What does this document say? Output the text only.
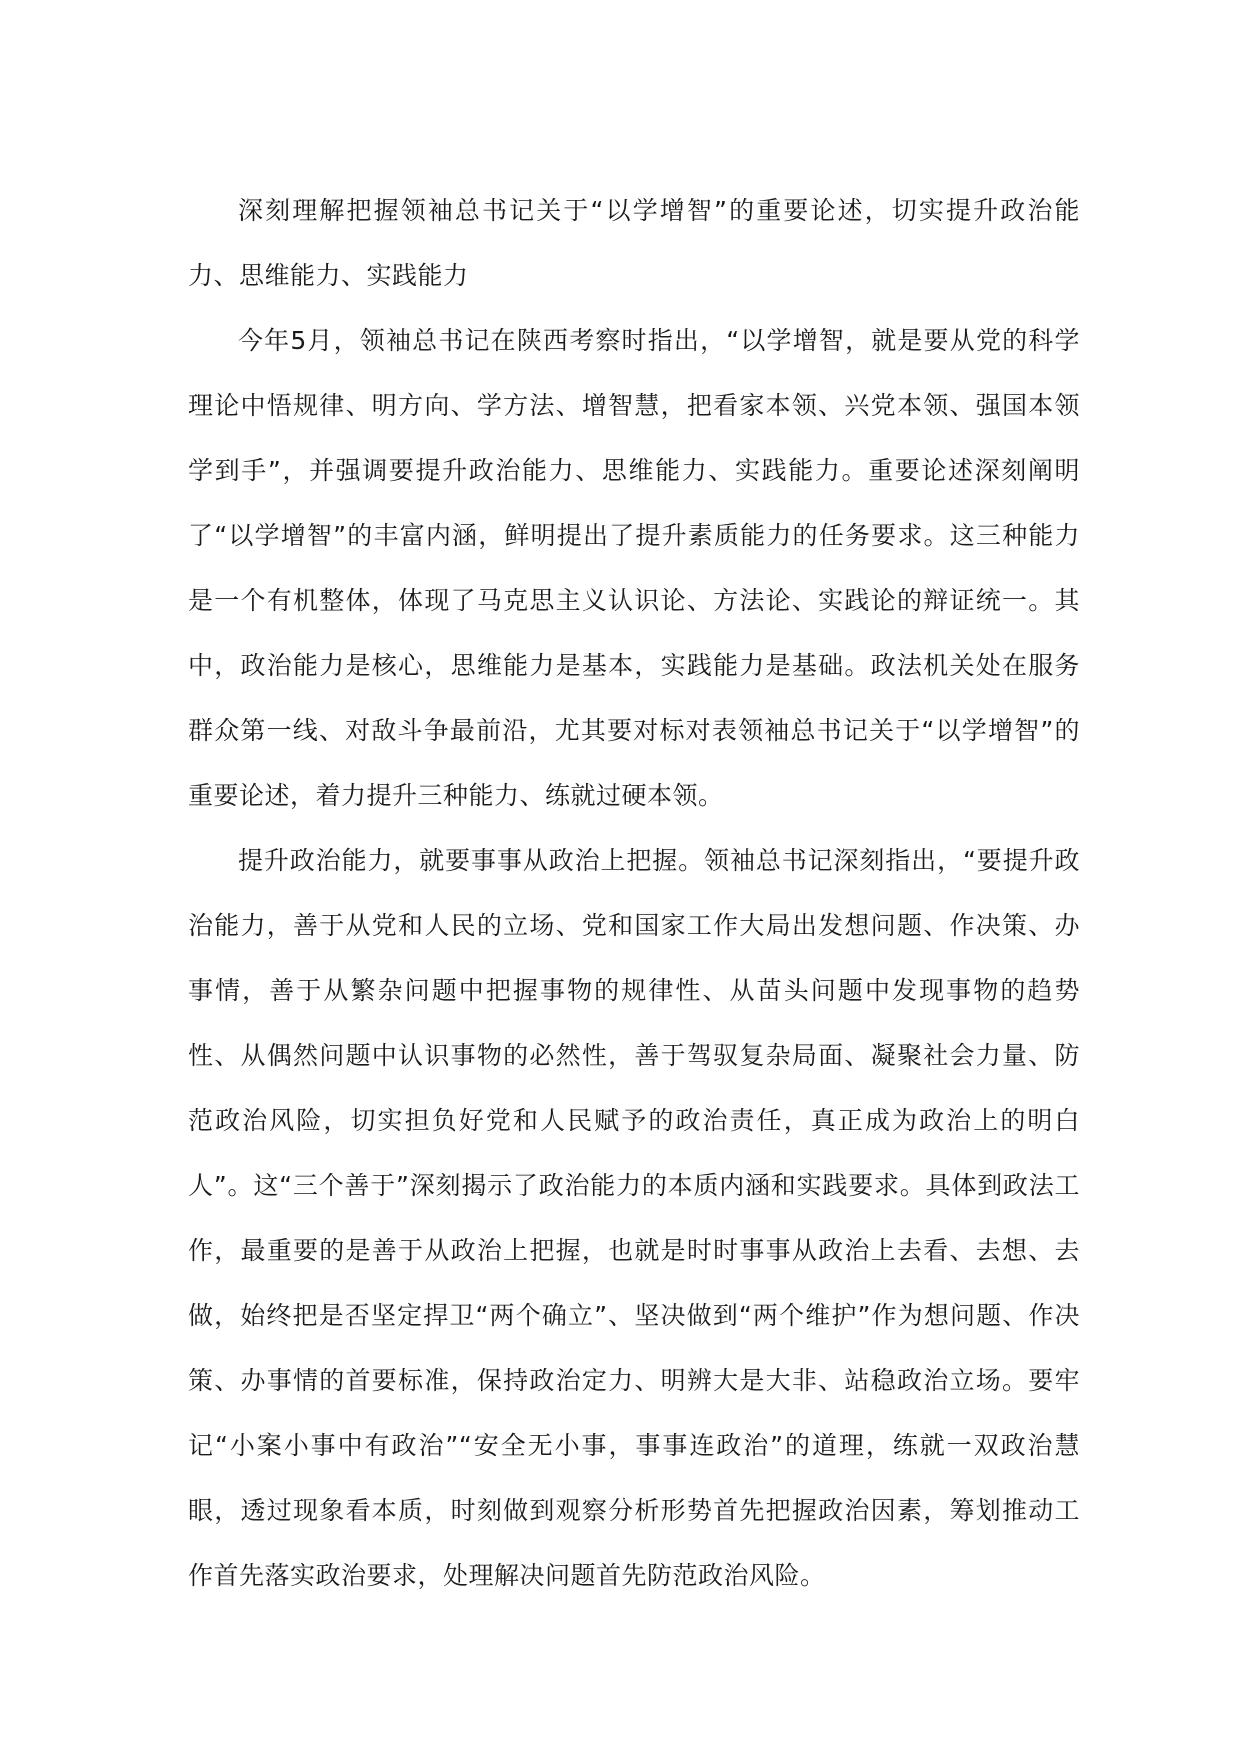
深刻理解把握领袖总书记关于“以学增智”的重要论述，切实提升政治能力、思维能力、实践能力

今年5月，领袖总书记在陕西考察时指出，“以学增智，就是要从党的科学理论中悟规律、明方向、学方法、增智慧，把看家本领、兴党本领、强国本领学到手”，并强调要提升政治能力、思维能力、实践能力。重要论述深刻阐明了“以学增智”的丰富内涵，鲜明提出了提升素质能力的任务要求。这三种能力是一个有机整体，体现了马克思主义认识论、方法论、实践论的辩证统一。其中，政治能力是核心，思维能力是基本，实践能力是基础。政法机关处在服务群众第一线、对敌斗争最前沿，尤其要对标对表领袖总书记关于“以学增智”的重要论述，着力提升三种能力、练就过硬本领。

提升政治能力，就要事事从政治上把握。领袖总书记深刻指出，“要提升政治能力，善于从党和人民的立场、党和国家工作大局出发想问题、作决策、办事情，善于从繁杂问题中把握事物的规律性、从苗头问题中发现事物的趋势性、从偶然问题中认识事物的必然性，善于驾驭复杂局面、凝聚社会力量、防范政治风险，切实担负好党和人民赋予的政治责任，真正成为政治上的明白人”。这“三个善于”深刻揭示了政治能力的本质内涵和实践要求。具体到政法工作，最重要的是善于从政治上把握，也就是时时事事从政治上去看、去想、去做，始终把是否坚定捍卫“两个确立”、坚决做到“两个维护”作为想问题、作决策、办事情的首要标准，保持政治定力、明辨大是大非、站稳政治立场。要牢记“小案小事中有政治”“安全无小事，事事连政治”的道理，练就一双政治慧眼，透过现象看本质，时刻做到观察分析形势首先把握政治因素，筹划推动工作首先落实政治要求，处理解决问题首先防范政治风险。
